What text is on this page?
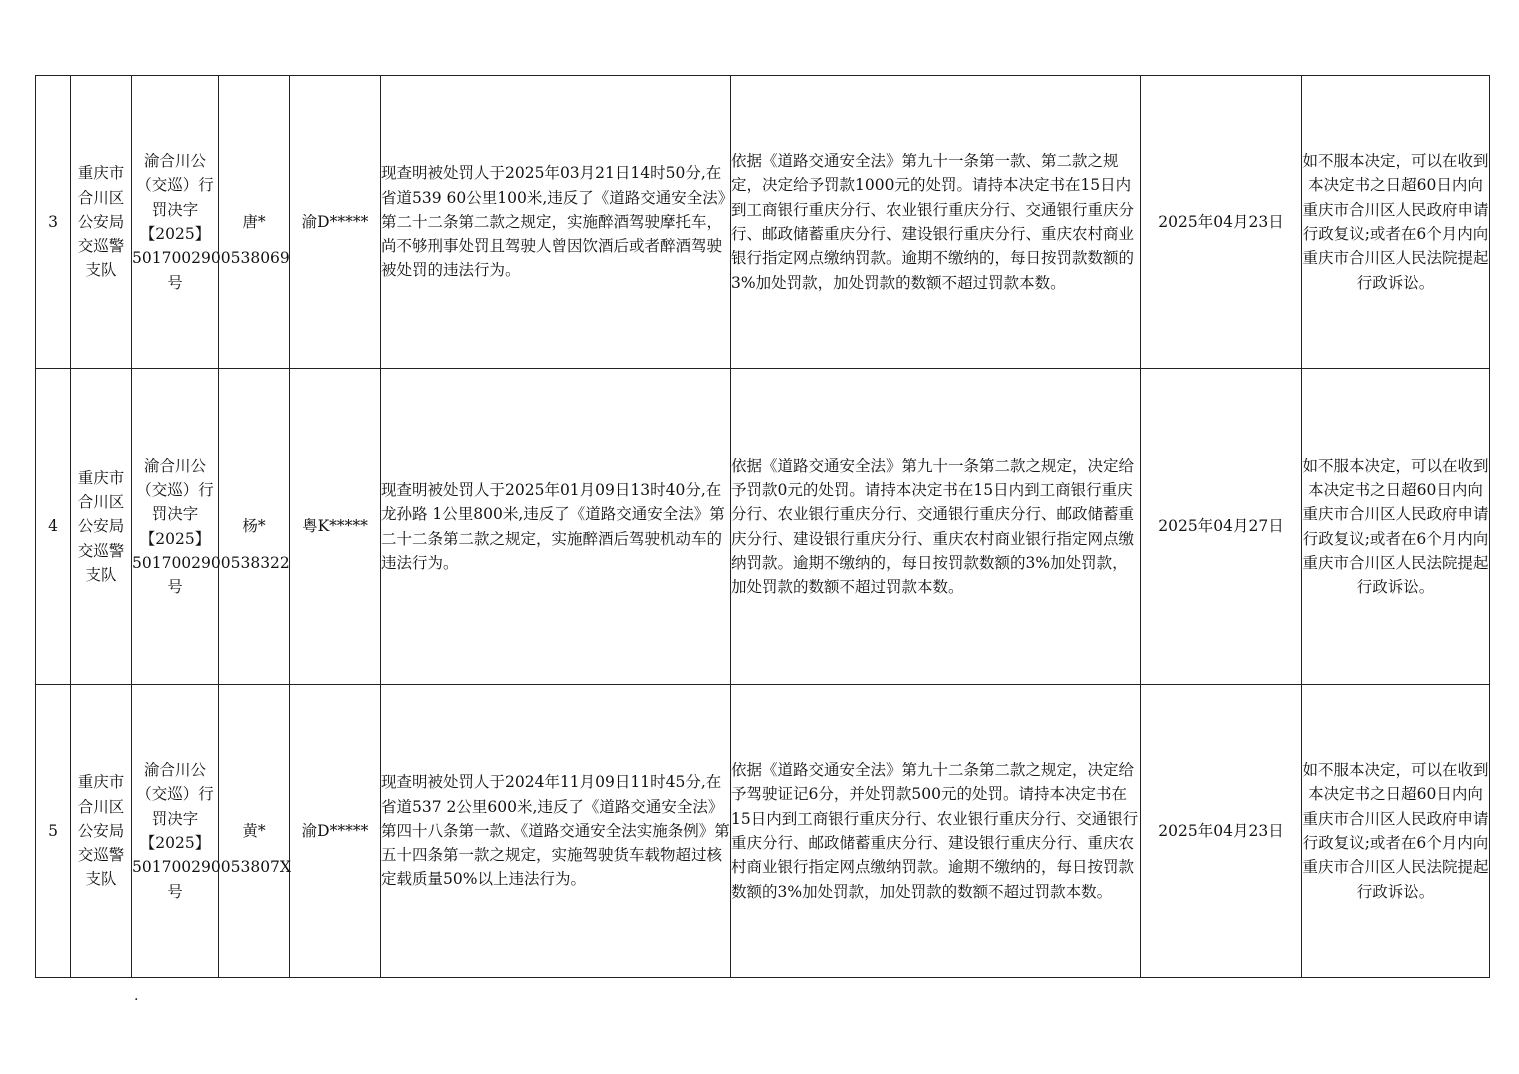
3	重庆市合川区公安局交巡警支队	渝合川公（交巡）行罚决字【2025】5017002900538069号	唐*	渝D*****	现查明被处罚人于2025年03月21日14时50分,在省道539 60公里100米,违反了《道路交通安全法》第二十二条第二款之规定，实施醉酒驾驶摩托车，尚不够刑事处罚且驾驶人曾因饮酒后或者醉酒驾驶被处罚的违法行为。	依据《道路交通安全法》第九十一条第一款、第二款之规定，决定给予罚款1000元的处罚。请持本决定书在15日内到工商银行重庆分行、农业银行重庆分行、交通银行重庆分行、邮政储蓄重庆分行、建设银行重庆分行、重庆农村商业银行指定网点缴纳罚款。逾期不缴纳的，每日按罚款数额的3%加处罚款，加处罚款的数额不超过罚款本数。	2025年04月23日	如不服本决定，可以在收到本决定书之日超60日内向重庆市合川区人民政府申请行政复议;或者在6个月内向重庆市合川区人民法院提起行政诉讼。
4	重庆市合川区公安局交巡警支队	渝合川公（交巡）行罚决字【2025】5017002900538322号	杨*	粤K*****	现查明被处罚人于2025年01月09日13时40分,在龙孙路 1公里800米,违反了《道路交通安全法》第二十二条第二款之规定，实施醉酒后驾驶机动车的违法行为。	依据《道路交通安全法》第九十一条第二款之规定，决定给予罚款0元的处罚。请持本决定书在15日内到工商银行重庆分行、农业银行重庆分行、交通银行重庆分行、邮政储蓄重庆分行、建设银行重庆分行、重庆农村商业银行指定网点缴纳罚款。逾期不缴纳的，每日按罚款数额的3%加处罚款，加处罚款的数额不超过罚款本数。	2025年04月27日	如不服本决定，可以在收到本决定书之日超60日内向重庆市合川区人民政府申请行政复议;或者在6个月内向重庆市合川区人民法院提起行政诉讼。
5	重庆市合川区公安局交巡警支队	渝合川公（交巡）行罚决字【2025】501700290053807X号	黄*	渝D*****	现查明被处罚人于2024年11月09日11时45分,在省道537 2公里600米,违反了《道路交通安全法》第四十八条第一款、《道路交通安全法实施条例》第五十四条第一款之规定，实施驾驶货车载物超过核定载质量50%以上违法行为。	依据《道路交通安全法》第九十二条第二款之规定，决定给予驾驶证记6分，并处罚款500元的处罚。请持本决定书在15日内到工商银行重庆分行、农业银行重庆分行、交通银行重庆分行、邮政储蓄重庆分行、建设银行重庆分行、重庆农村商业银行指定网点缴纳罚款。逾期不缴纳的，每日按罚款数额的3%加处罚款，加处罚款的数额不超过罚款本数。	2025年04月23日	如不服本决定，可以在收到本决定书之日超60日内向重庆市合川区人民政府申请行政复议;或者在6个月内向重庆市合川区人民法院提起行政诉讼。
.
